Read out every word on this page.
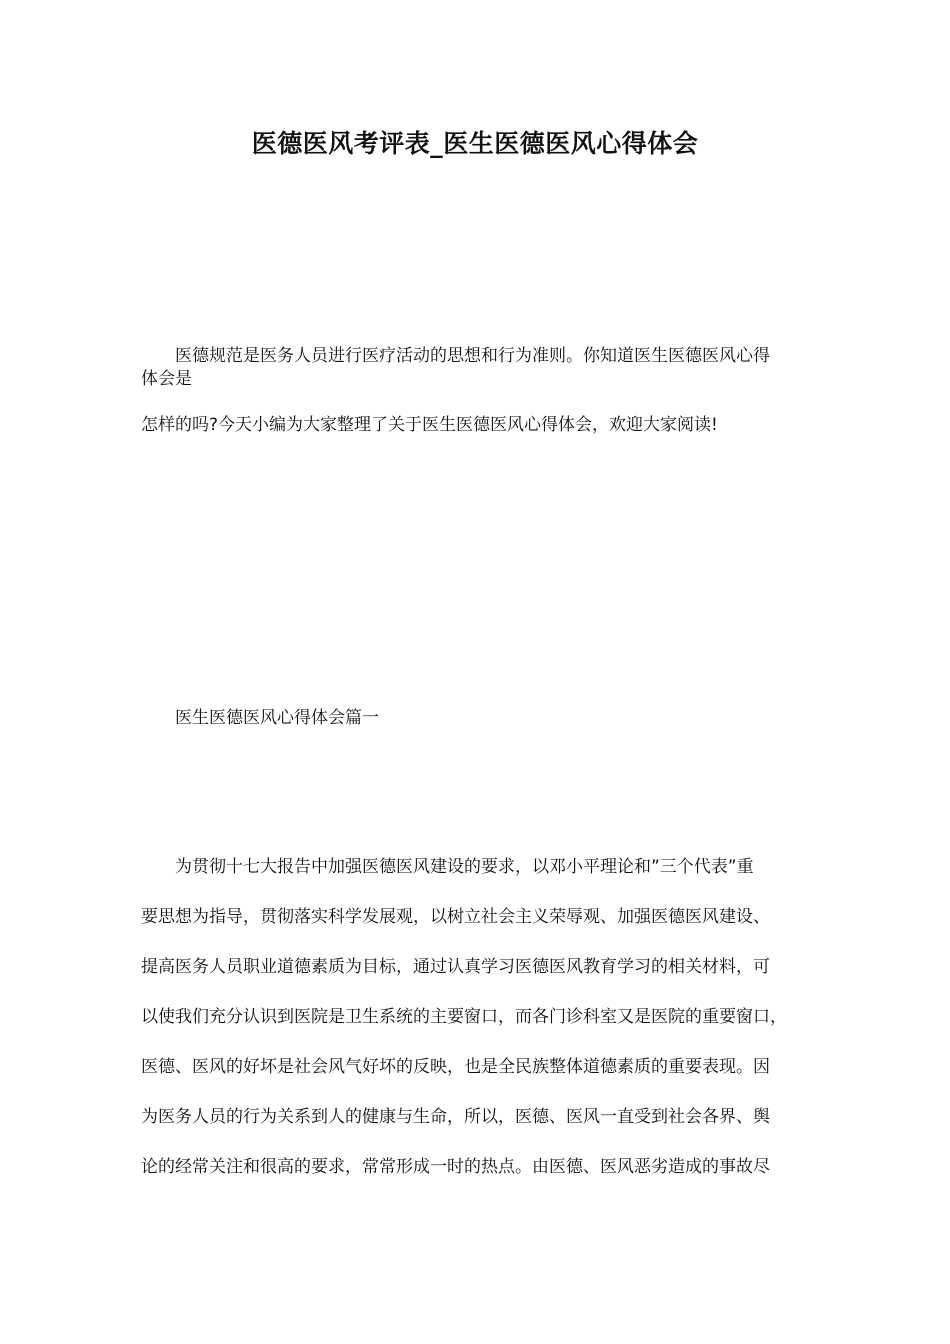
医德医风考评表_医生医德医风心得体会
医德规范是医务人员进行医疗活动的思想和行为准则。你知道医生医德医风心得
体会是
怎样的吗?今天小编为大家整理了关于医生医德医风心得体会，欢迎大家阅读!
医生医德医风心得体会篇一
为贯彻十七大报告中加强医德医风建设的要求，以邓小平理论和”三个代表”重
要思想为指导，贯彻落实科学发展观，以树立社会主义荣辱观、加强医德医风建设、
提高医务人员职业道德素质为目标，通过认真学习医德医风教育学习的相关材料，可
以使我们充分认识到医院是卫生系统的主要窗口，而各门诊科室又是医院的重要窗口，
医德、医风的好坏是社会风气好坏的反映，也是全民族整体道德素质的重要表现。因
为医务人员的行为关系到人的健康与生命，所以，医德、医风一直受到社会各界、舆
论的经常关注和很高的要求，常常形成一时的热点。由医德、医风恶劣造成的事故尽
